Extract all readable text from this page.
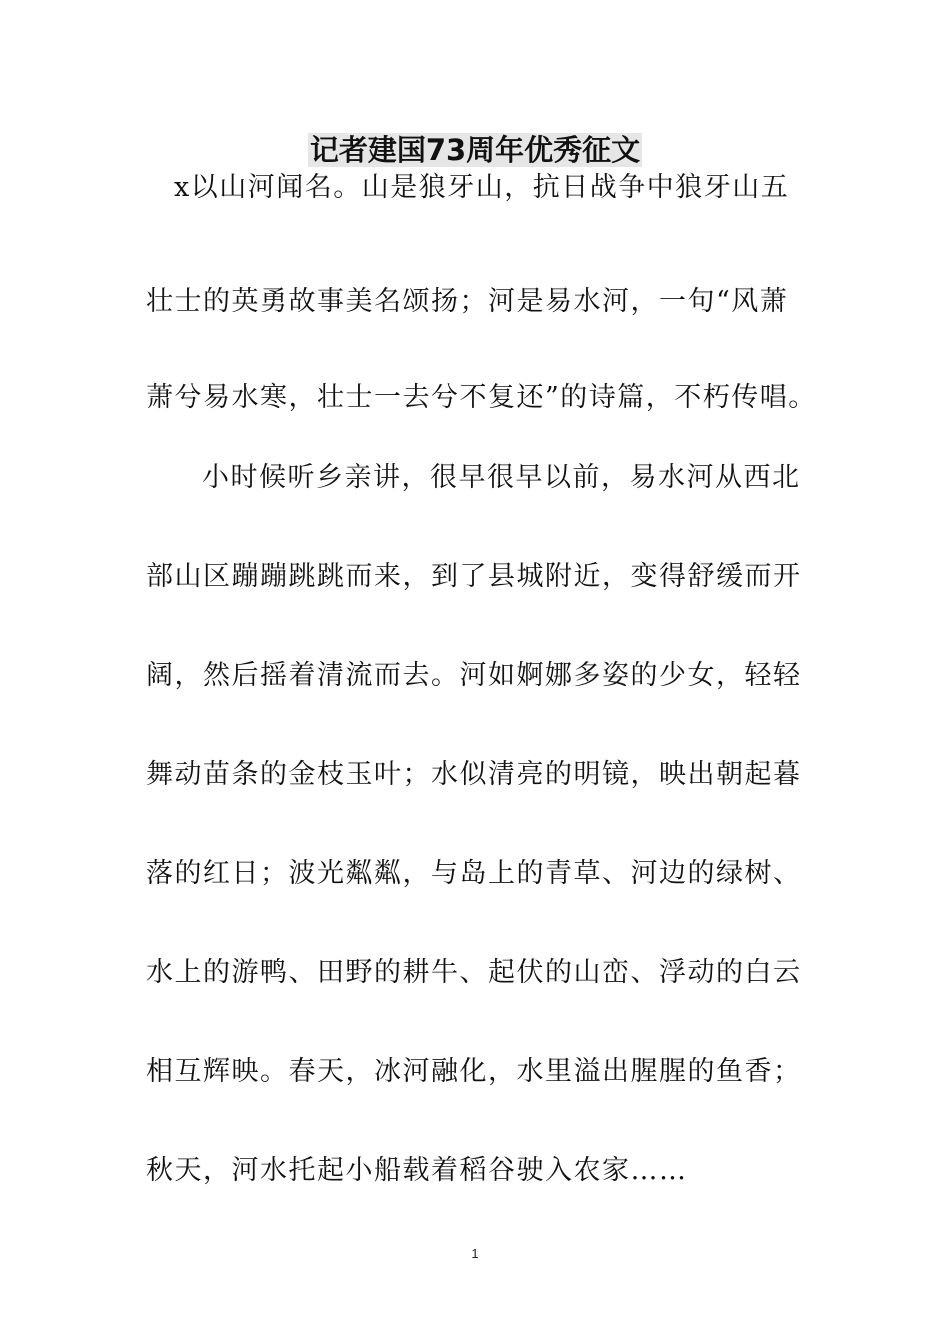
记者建国73周年优秀征文
x以山河闻名。山是狼牙山，抗日战争中狼牙山五
壮士的英勇故事美名颂扬；河是易水河，一句“风萧
萧兮易水寒，壮士一去兮不复还”的诗篇，不朽传唱。
小时候听乡亲讲，很早很早以前，易水河从西北
部山区蹦蹦跳跳而来，到了县城附近，变得舒缓而开
阔，然后摇着清流而去。河如婀娜多姿的少女，轻轻
舞动苗条的金枝玉叶；水似清亮的明镜，映出朝起暮
落的红日；波光粼粼，与岛上的青草、河边的绿树、
水上的游鸭、田野的耕牛、起伏的山峦、浮动的白云
相互辉映。春天，冰河融化，水里溢出腥腥的鱼香；
秋天，河水托起小船载着稻谷驶入农家……
1
